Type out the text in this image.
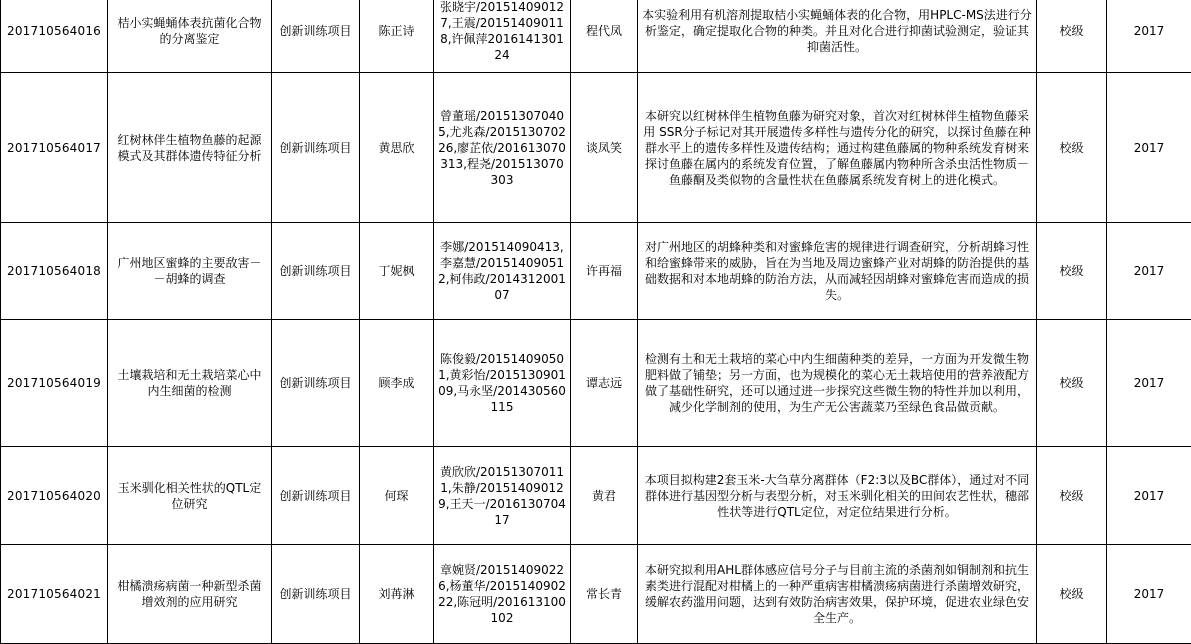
201710564016	桔小实蝇蛹体表抗菌化合物的分离鉴定	创新训练项目	陈正诗	张晓宇/201514090127,王震/201514090118,许佩萍201614130124	程代凤	本实验利用有机溶剂提取桔小实蝇蛹体表的化合物，用HPLC-MS法进行分析鉴定，确定提取化合物的种类。并且对化合进行抑菌试验测定，验证其抑菌活性。	校级	2017
201710564017	红树林伴生植物鱼藤的起源模式及其群体遗传特征分析	创新训练项目	黄思欣	曾董瑶/201513070405,尤兆森/201513070226,廖芷依/201613070313,程尧/201513070303	谈凤笑	本研究以红树林伴生植物鱼藤为研究对象，首次对红树林伴生植物鱼藤采用 SSR分子标记对其开展遗传多样性与遗传分化的研究，以探讨鱼藤在种群水平上的遗传多样性及遗传结构；通过构建鱼藤属的物种系统发育树来探讨鱼藤在属内的系统发育位置，了解鱼藤属内物种所含杀虫活性物质－鱼藤酮及类似物的含量性状在鱼藤属系统发育树上的进化模式。	校级	2017
201710564018	广州地区蜜蜂的主要敌害－－胡蜂的调查	创新训练项目	丁妮枫	李娜/201514090413,李嘉慧/201514090512,柯伟政/201431200107	许再福	对广州地区的胡蜂种类和对蜜蜂危害的规律进行调查研究，分析胡蜂习性和给蜜蜂带来的威胁，旨在为当地及周边蜜蜂产业对胡蜂的防治提供的基础数据和对本地胡蜂的防治方法，从而减轻因胡蜂对蜜蜂危害而造成的损失。	校级	2017
201710564019	土壤栽培和无土栽培菜心中内生细菌的检测	创新训练项目	顾李成	陈俊毅/201514090501,黄彩怡/201513090109,马永坚/201430560115	谭志远	检测有土和无土栽培的菜心中内生细菌种类的差异，一方面为开发微生物肥料做了铺垫；另一方面，也为规模化的菜心无土栽培使用的营养液配方做了基础性研究，还可以通过进一步探究这些微生物的特性并加以利用，减少化学制剂的使用，为生产无公害蔬菜乃至绿色食品做贡献。	校级	2017
201710564020	玉米驯化相关性状的QTL定位研究	创新训练项目	何琛	黄欣欣/201513070111,朱静/201514090129,王天一/201613070417	黄君	本项目拟构建2套玉米-大刍草分离群体（F2:3以及BC群体），通过对不同群体进行基因型分析与表型分析，对玉米驯化相关的田间农艺性状，穗部性状等进行QTL定位，对定位结果进行分析。	校级	2017
201710564021	柑橘溃疡病菌一种新型杀菌增效剂的应用研究	创新训练项目	刘苒淋	章婉贤/201514090226,杨董华/201514090222,陈冠明/201613100102	常长青	本研究拟利用AHL群体感应信号分子与目前主流的杀菌剂如铜制剂和抗生素类进行混配对柑橘上的一种严重病害柑橘溃疡病菌进行杀菌增效研究，缓解农药滥用问题，达到有效防治病害效果，保护环境，促进农业绿色安全生产。	校级	2017
